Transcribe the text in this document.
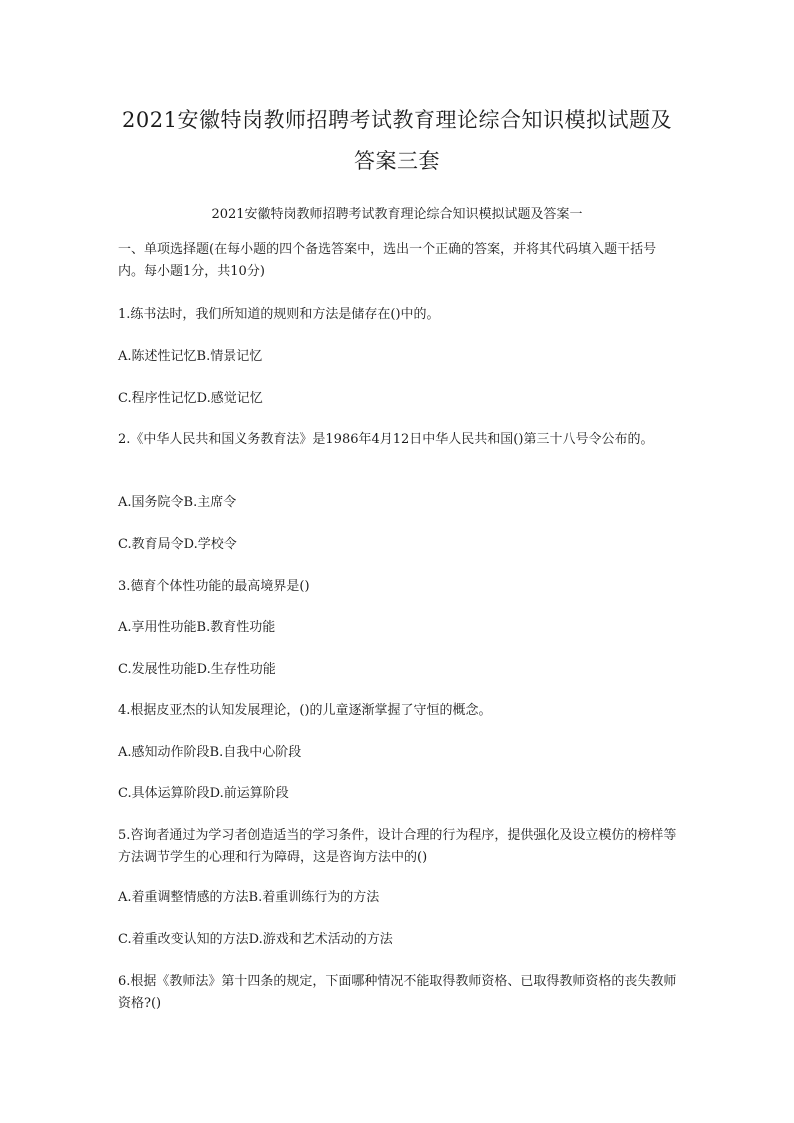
2021安徽特岗教师招聘考试教育理论综合知识模拟试题及
答案三套

2021安徽特岗教师招聘考试教育理论综合知识模拟试题及答案一

一、单项选择题(在每小题的四个备选答案中，选出一个正确的答案，并将其代码填入题干括号内。每小题1分，共10分)

1.练书法时，我们所知道的规则和方法是储存在()中的。

A.陈述性记忆B.情景记忆

C.程序性记忆D.感觉记忆

2.《中华人民共和国义务教育法》是1986年4月12日中华人民共和国()第三十八号令公布的。

A.国务院令B.主席令

C.教育局令D.学校令

3.德育个体性功能的最高境界是()

A.享用性功能B.教育性功能

C.发展性功能D.生存性功能

4.根据皮亚杰的认知发展理论，()的儿童逐渐掌握了守恒的概念。

A.感知动作阶段B.自我中心阶段

C.具体运算阶段D.前运算阶段

5.咨询者通过为学习者创造适当的学习条件，设计合理的行为程序，提供强化及设立模仿的榜样等方法调节学生的心理和行为障碍，这是咨询方法中的()

A.着重调整情感的方法B.着重训练行为的方法

C.着重改变认知的方法D.游戏和艺术活动的方法

6.根据《教师法》第十四条的规定，下面哪种情况不能取得教师资格、已取得教师资格的丧失教师资格?()
